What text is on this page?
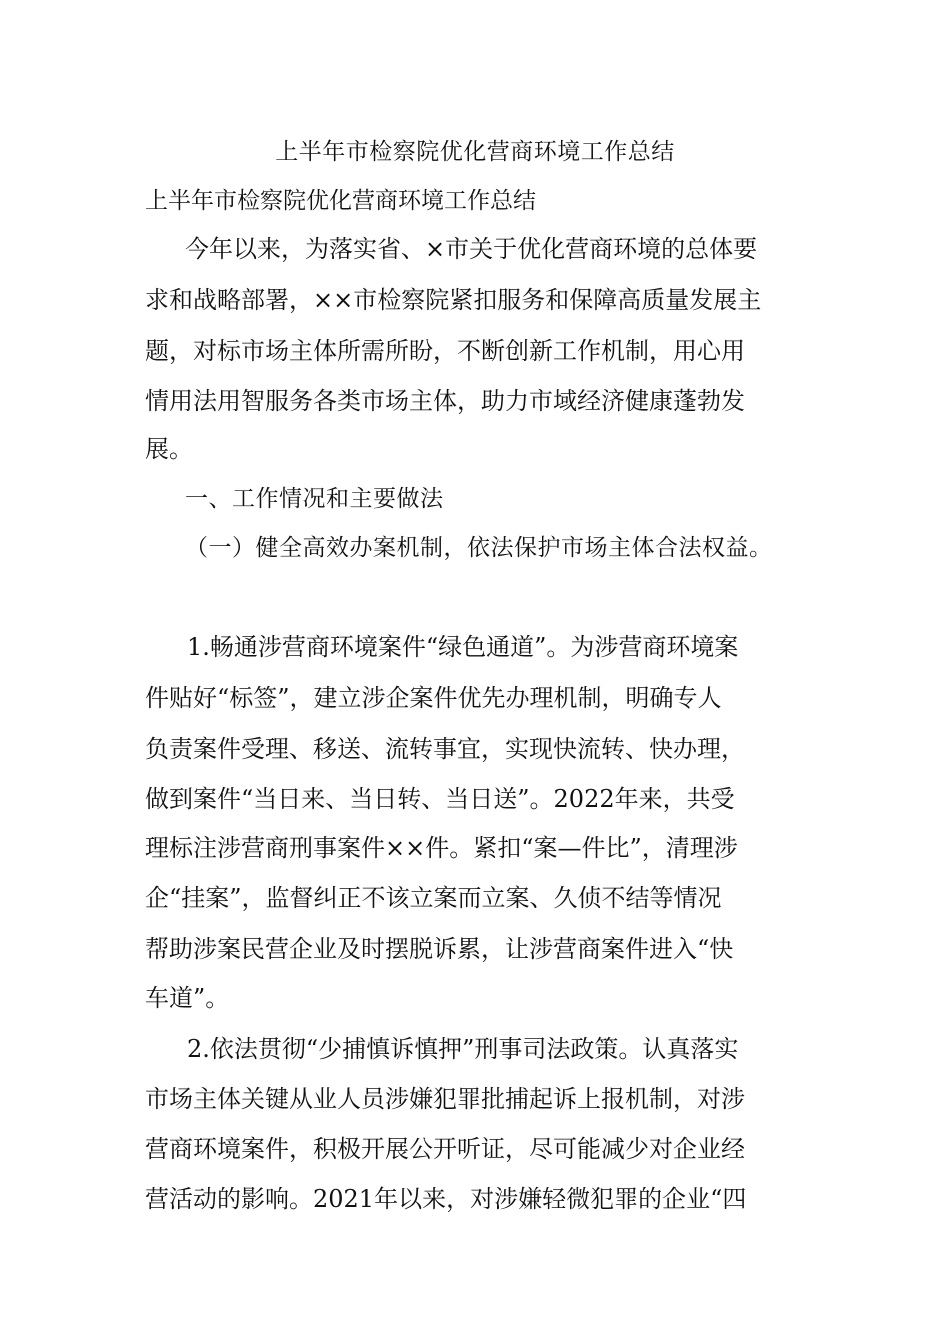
上半年市检察院优化营商环境工作总结

上半年市检察院优化营商环境工作总结

今年以来，为落实省、×市关于优化营商环境的总体要

求和战略部署，××市检察院紧扣服务和保障高质量发展主

题，对标市场主体所需所盼，不断创新工作机制，用心用

情用法用智服务各类市场主体，助力市域经济健康蓬勃发

展。

一、工作情况和主要做法

（一）健全高效办案机制，依法保护市场主体合法权益。

1.畅通涉营商环境案件“绿色通道”。为涉营商环境案

件贴好“标签”，建立涉企案件优先办理机制，明确专人

负责案件受理、移送、流转事宜，实现快流转、快办理，

做到案件“当日来、当日转、当日送”。2022年来，共受

理标注涉营商刑事案件××件。紧扣“案—件比”，清理涉

企“挂案”，监督纠正不该立案而立案、久侦不结等情况

帮助涉案民营企业及时摆脱诉累，让涉营商案件进入“快

车道”。

2.依法贯彻“少捕慎诉慎押”刑事司法政策。认真落实

市场主体关键从业人员涉嫌犯罪批捕起诉上报机制，对涉

营商环境案件，积极开展公开听证，尽可能减少对企业经

营活动的影响。2021年以来，对涉嫌轻微犯罪的企业“四
